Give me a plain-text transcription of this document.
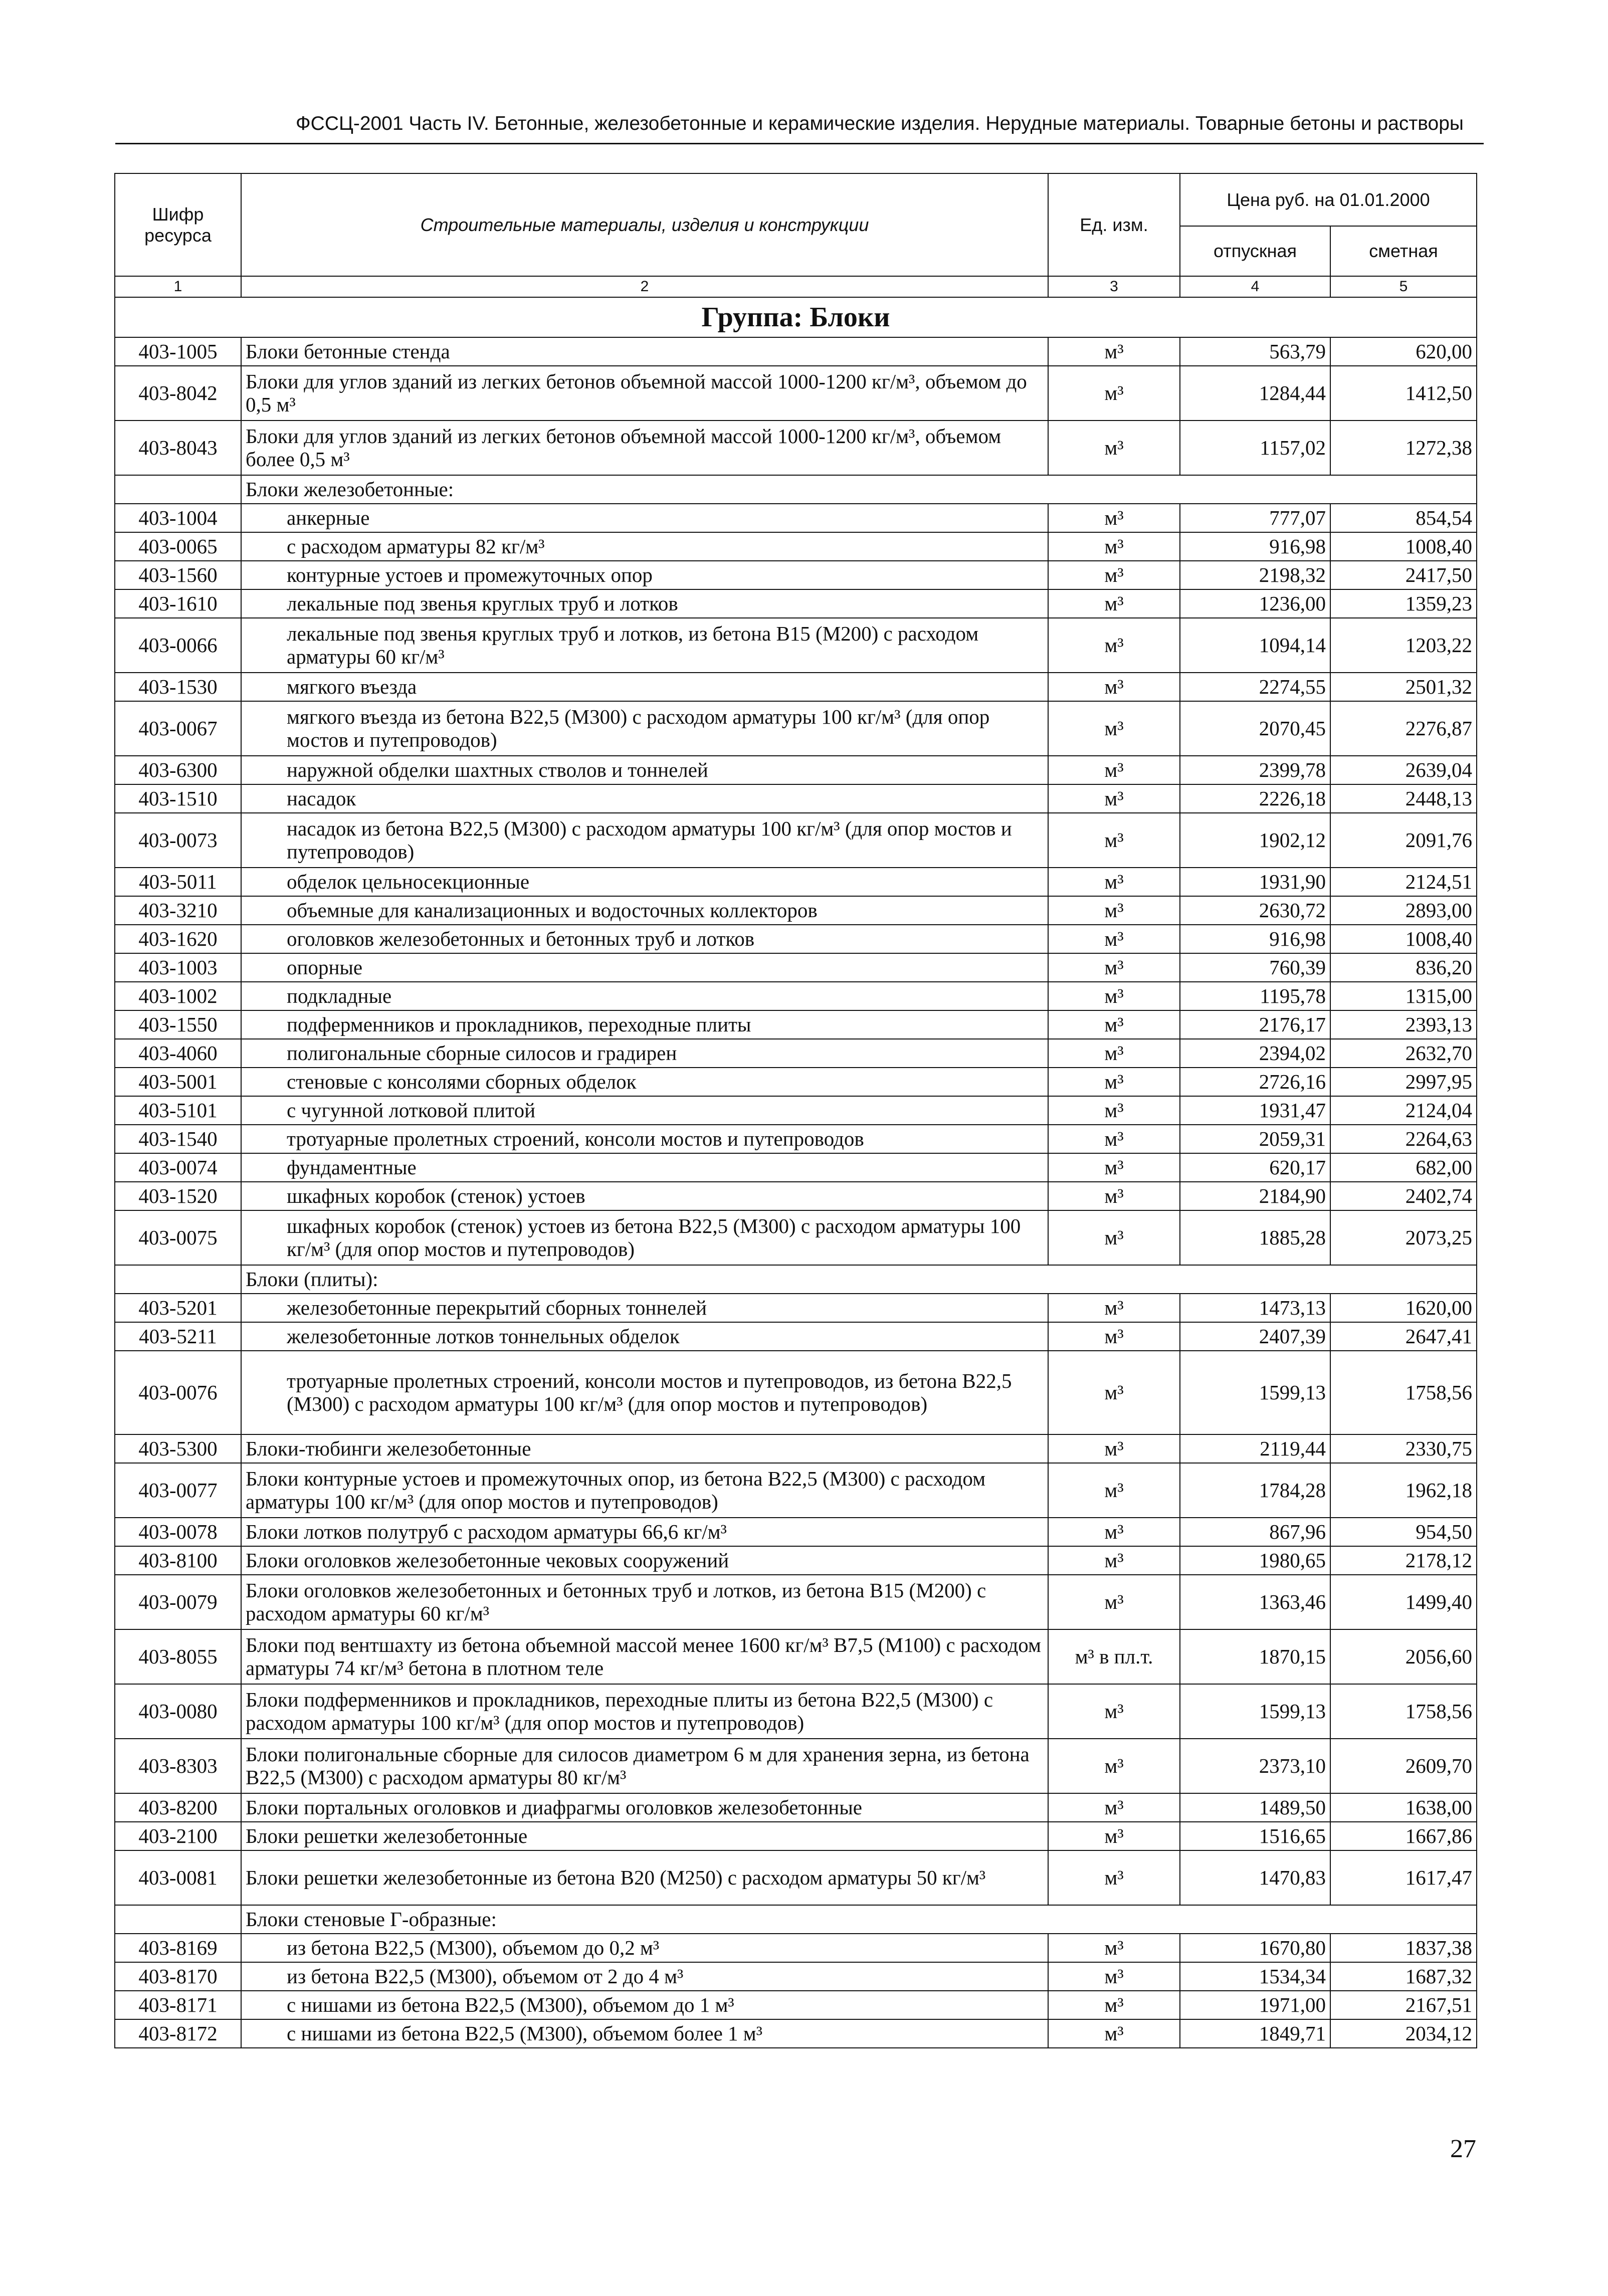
ФССЦ-2001 Часть IV. Бетонные, железобетонные и керамические изделия. Нерудные материалы. Товарные бетоны и растворы
Шифр ресурса	Строительные материалы, изделия и конструкции	Ед. изм.	Цена руб. на 01.01.2000	
			отпускная	сметная
1	2	3	4	5
Группа: Блоки				
403-1005	Блоки бетонные стенда	м³	563,79	620,00
403-8042	Блоки для углов зданий из легких бетонов объемной массой 1000-1200 кг/м³, объемом до 0,5 м³	м³	1284,44	1412,50
403-8043	Блоки для углов зданий из легких бетонов объемной массой 1000-1200 кг/м³, объемом более 0,5 м³	м³	1157,02	1272,38
	Блоки железобетонные:			
403-1004	анкерные	м³	777,07	854,54
403-0065	с расходом арматуры 82 кг/м³	м³	916,98	1008,40
403-1560	контурные устоев и промежуточных опор	м³	2198,32	2417,50
403-1610	лекальные под звенья круглых труб и лотков	м³	1236,00	1359,23
403-0066	лекальные под звенья круглых труб и лотков, из бетона В15 (М200) с расходом арматуры 60 кг/м³	м³	1094,14	1203,22
403-1530	мягкого въезда	м³	2274,55	2501,32
403-0067	мягкого въезда из бетона В22,5 (М300) с расходом арматуры 100 кг/м³ (для опор мостов и путепроводов)	м³	2070,45	2276,87
403-6300	наружной обделки шахтных стволов и тоннелей	м³	2399,78	2639,04
403-1510	насадок	м³	2226,18	2448,13
403-0073	насадок из бетона В22,5 (М300) с расходом арматуры 100 кг/м³ (для опор мостов и путепроводов)	м³	1902,12	2091,76
403-5011	обделок цельносекционные	м³	1931,90	2124,51
403-3210	объемные для канализационных и водосточных коллекторов	м³	2630,72	2893,00
403-1620	оголовков железобетонных и бетонных труб и лотков	м³	916,98	1008,40
403-1003	опорные	м³	760,39	836,20
403-1002	подкладные	м³	1195,78	1315,00
403-1550	подферменников и прокладников, переходные плиты	м³	2176,17	2393,13
403-4060	полигональные сборные силосов и градирен	м³	2394,02	2632,70
403-5001	стеновые с консолями сборных обделок	м³	2726,16	2997,95
403-5101	с чугунной лотковой плитой	м³	1931,47	2124,04
403-1540	тротуарные пролетных строений, консоли мостов и путепроводов	м³	2059,31	2264,63
403-0074	фундаментные	м³	620,17	682,00
403-1520	шкафных коробок (стенок) устоев	м³	2184,90	2402,74
403-0075	шкафных коробок (стенок) устоев из бетона В22,5 (М300) с расходом арматуры 100 кг/м³ (для опор мостов и путепроводов)	м³	1885,28	2073,25
	Блоки (плиты):			
403-5201	железобетонные перекрытий сборных тоннелей	м³	1473,13	1620,00
403-5211	железобетонные лотков тоннельных обделок	м³	2407,39	2647,41
403-0076	тротуарные пролетных строений, консоли мостов и путепроводов, из бетона В22,5 (М300) с расходом арматуры 100 кг/м³ (для опор мостов и путепроводов)	м³	1599,13	1758,56
403-5300	Блоки-тюбинги железобетонные	м³	2119,44	2330,75
403-0077	Блоки контурные устоев и промежуточных опор, из бетона В22,5 (М300) с расходом арматуры 100 кг/м³ (для опор мостов и путепроводов)	м³	1784,28	1962,18
403-0078	Блоки лотков полутруб с расходом арматуры 66,6 кг/м³	м³	867,96	954,50
403-8100	Блоки оголовков железобетонные чековых сооружений	м³	1980,65	2178,12
403-0079	Блоки оголовков железобетонных и бетонных труб и лотков, из бетона В15 (М200) с расходом арматуры 60 кг/м³	м³	1363,46	1499,40
403-8055	Блоки под вентшахту из бетона объемной массой менее 1600 кг/м³ В7,5 (М100) с расходом арматуры 74 кг/м³ бетона в плотном теле	м³ в пл.т.	1870,15	2056,60
403-0080	Блоки подферменников и прокладников, переходные плиты из бетона В22,5 (М300) с расходом арматуры 100 кг/м³ (для опор мостов и путепроводов)	м³	1599,13	1758,56
403-8303	Блоки полигональные сборные для силосов диаметром 6 м для хранения зерна, из бетона В22,5 (М300) с расходом арматуры 80 кг/м³	м³	2373,10	2609,70
403-8200	Блоки портальных оголовков и диафрагмы оголовков железобетонные	м³	1489,50	1638,00
403-2100	Блоки решетки железобетонные	м³	1516,65	1667,86
403-0081	Блоки решетки железобетонные из бетона В20 (М250) с расходом арматуры 50 кг/м³	м³	1470,83	1617,47
	Блоки стеновые Г-образные:			
403-8169	из бетона В22,5 (М300), объемом до 0,2 м³	м³	1670,80	1837,38
403-8170	из бетона В22,5 (М300), объемом от 2 до 4 м³	м³	1534,34	1687,32
403-8171	с нишами из бетона В22,5 (М300), объемом до 1 м³	м³	1971,00	2167,51
403-8172	с нишами из бетона В22,5 (М300), объемом более 1 м³	м³	1849,71	2034,12
27
